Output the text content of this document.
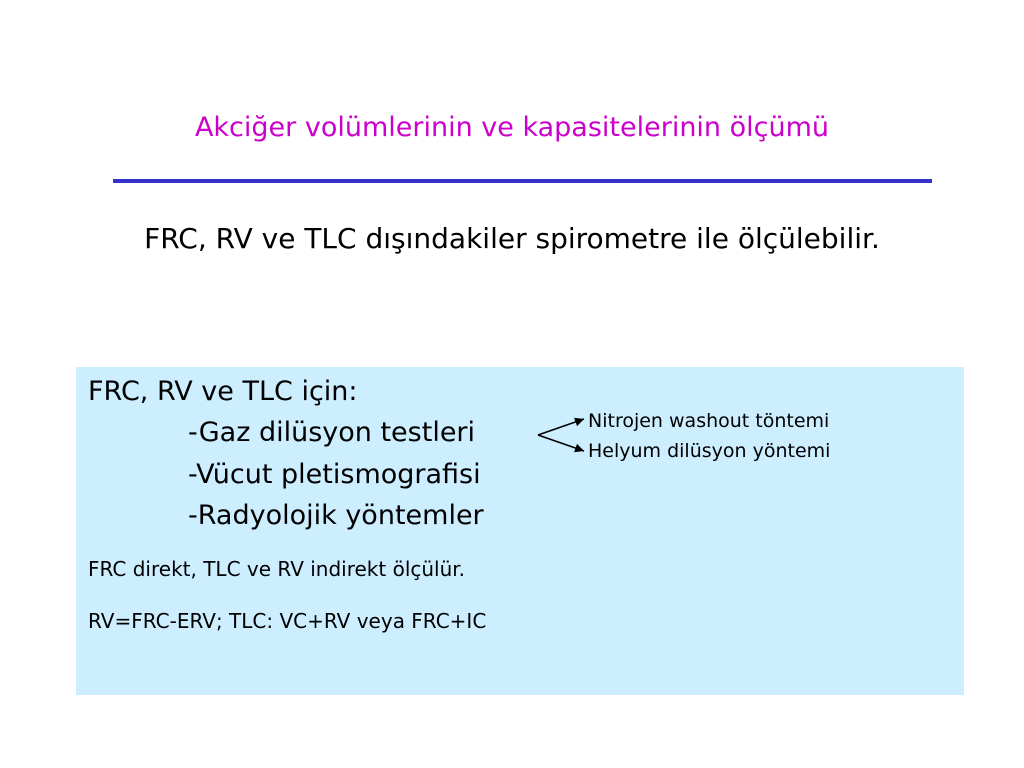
Akciğer volümlerinin ve kapasitelerinin ölçümü
FRC, RV ve TLC dışındakiler spirometre ile ölçülebilir.
FRC, RV ve TLC için:
-Gaz dilüsyon testleri
-Vücut pletismografisi
-Radyolojik yöntemler
FRC direkt, TLC ve RV indirekt ölçülür.
RV=FRC-ERV; TLC: VC+RV veya FRC+IC
Nitrojen washout töntemi
Helyum dilüsyon yöntemi
